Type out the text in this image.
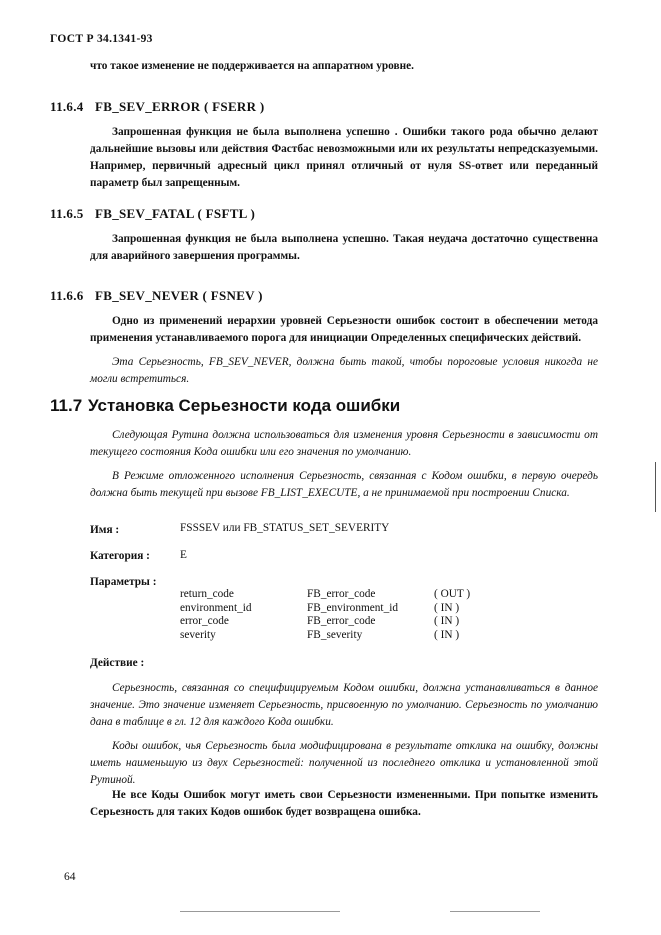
ГОСТ Р 34.1341-93
что такое изменение не поддерживается на аппаратном уровне.
11.6.4 FB_SEV_ERROR ( FSERR )
Запрошенная функция не была выполнена успешно . Ошибки такого рода обычно делают дальнейшие вызовы или действия Фастбас невозможными или их результаты непредсказуемыми. Например, первичный адресный цикл принял отличный от нуля SS-ответ или переданный параметр был запрещенным.
11.6.5 FB_SEV_FATAL ( FSFTL )
Запрошенная функция не была выполнена успешно. Такая неудача достаточно существенна для аварийного завершения программы.
11.6.6 FB_SEV_NEVER ( FSNEV )
Одно из применений иерархии уровней Серьезности ошибок состоит в обеспечении метода применения устанавливаемого порога для инициации Определенных специфических действий.
Эта Серьезность, FB_SEV_NEVER, должна быть такой, чтобы пороговые условия никогда не могли встретиться.
11.7 Установка Серьезности кода ошибки
Следующая Рутина должна использоваться для изменения уровня Серьезности в зависимости от текущего состояния Кода ошибки или его значения по умолчанию.
В Режиме отложенного исполнения Серьезность, связанная с Кодом ошибки, в первую очередь должна быть текущей при вызове FB_LIST_EXECUTE, а не принимаемой при построении Списка.
Имя :	FSSSEV или FB_STATUS_SET_SEVERITY
Категория :	E
Параметры :
return_code	FB_error_code	( OUT )
environment_id	FB_environment_id	( IN )
error_code	FB_error_code	( IN )
severity	FB_severity	( IN )
Действие :
Серьезность, связанная со специфицируемым Кодом ошибки, должна устанавливаться в данное значение. Это значение изменяет Серьезность, присвоенную по умолчанию. Серьезность по умолчанию дана в таблице в гл. 12 для каждого Кода ошибки.
Коды ошибок, чья Серьезность была модифицирована в результате отклика на ошибку, должны иметь наименьшую из двух Серьезностей: полученной из последнего отклика и установленной этой Рутиной.
Не все Коды Ошибок могут иметь свои Серьезности измененными. При попытке изменить Серьезность для таких Кодов ошибок будет возвращена ошибка.
64
